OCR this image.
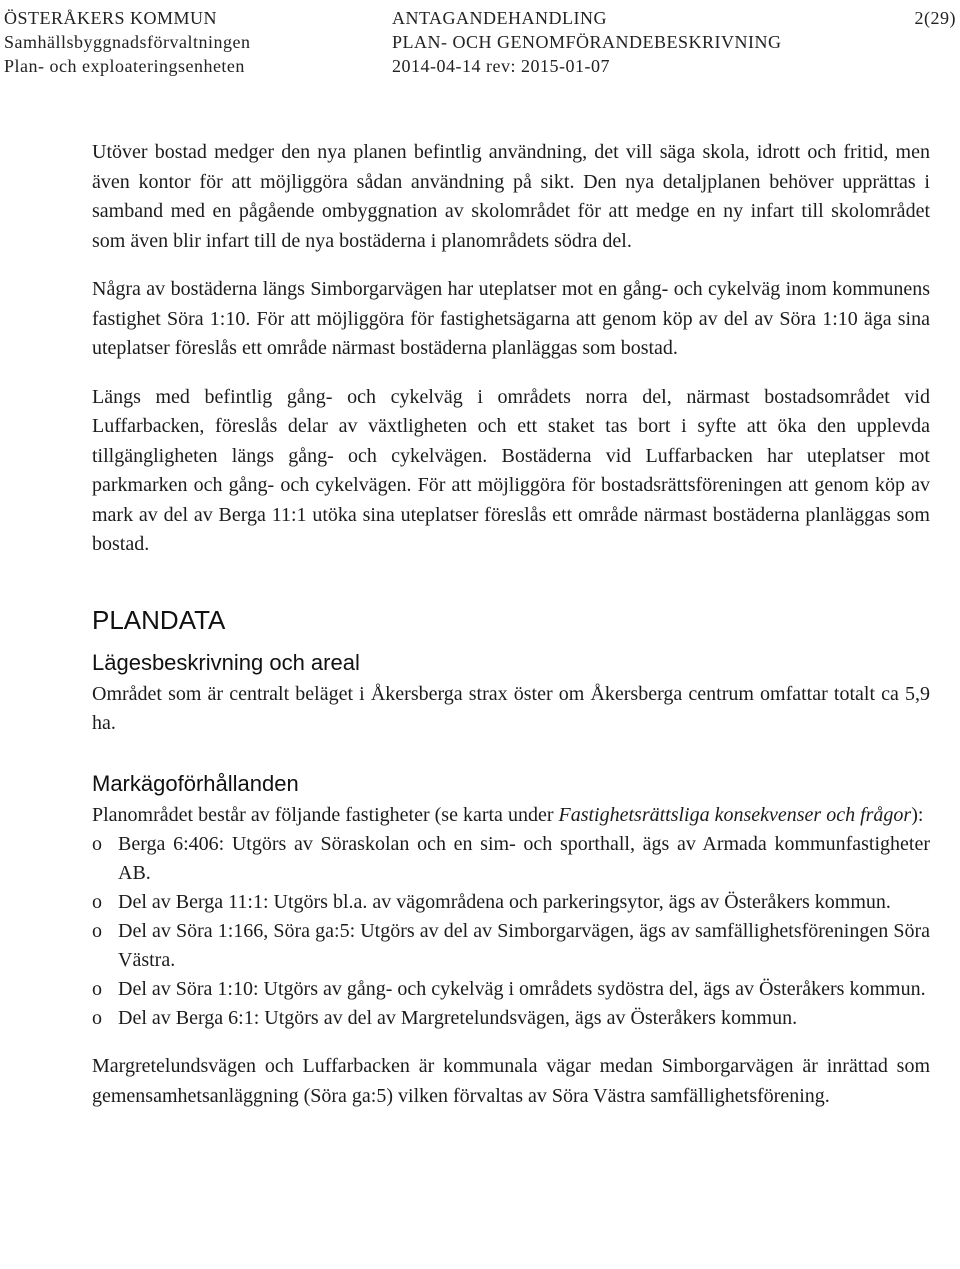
ÖSTERÅKERS KOMMUN
Samhällsbyggnadsförvaltningen
Plan- och exploateringsenheten
ANTAGANDEHANDLING
PLAN- OCH GENOMFÖRANDEBESKRIVNING
2014-04-14 rev: 2015-01-07
2(29)

Utöver bostad medger den nya planen befintlig användning, det vill säga skola, idrott och fritid, men även kontor för att möjliggöra sådan användning på sikt. Den nya detaljplanen behöver upprättas i samband med en pågående ombyggnation av skolområdet för att medge en ny infart till skolområdet som även blir infart till de nya bostäderna i planområdets södra del.

Några av bostäderna längs Simborgarvägen har uteplatser mot en gång- och cykelväg inom kommunens fastighet Söra 1:10. För att möjliggöra för fastighetsägarna att genom köp av del av Söra 1:10 äga sina uteplatser föreslås ett område närmast bostäderna planläggas som bostad.

Längs med befintlig gång- och cykelväg i områdets norra del, närmast bostadsområdet vid Luffarbacken, föreslås delar av växtligheten och ett staket tas bort i syfte att öka den upplevda tillgängligheten längs gång- och cykelvägen. Bostäderna vid Luffarbacken har uteplatser mot parkmarken och gång- och cykelvägen. För att möjliggöra för bostadsrättsföreningen att genom köp av mark av del av Berga 11:1 utöka sina uteplatser föreslås ett område närmast bostäderna planläggas som bostad.

PLANDATA
Lägesbeskrivning och areal

Området som är centralt beläget i Åkersberga strax öster om Åkersberga centrum omfattar totalt ca 5,9 ha.

Markägoförhållanden

Planområdet består av följande fastigheter (se karta under Fastighetsrättsliga konsekvenser och frågor):

o Berga 6:406: Utgörs av Söraskolan och en sim- och sporthall, ägs av Armada kommunfastigheter AB.
o Del av Berga 11:1: Utgörs bl.a. av vägområdena och parkeringsytor, ägs av Österåkers kommun.
o Del av Söra 1:166, Söra ga:5: Utgörs av del av Simborgarvägen, ägs av samfällighetsföreningen Söra Västra.
o Del av Söra 1:10: Utgörs av gång- och cykelväg i områdets sydöstra del, ägs av Österåkers kommun.
o Del av Berga 6:1: Utgörs av del av Margretelundsvägen, ägs av Österåkers kommun.

Margretelundsvägen och Luffarbacken är kommunala vägar medan Simborgarvägen är inrättad som gemensamhetsanläggning (Söra ga:5) vilken förvaltas av Söra Västra samfällighetsförening.
